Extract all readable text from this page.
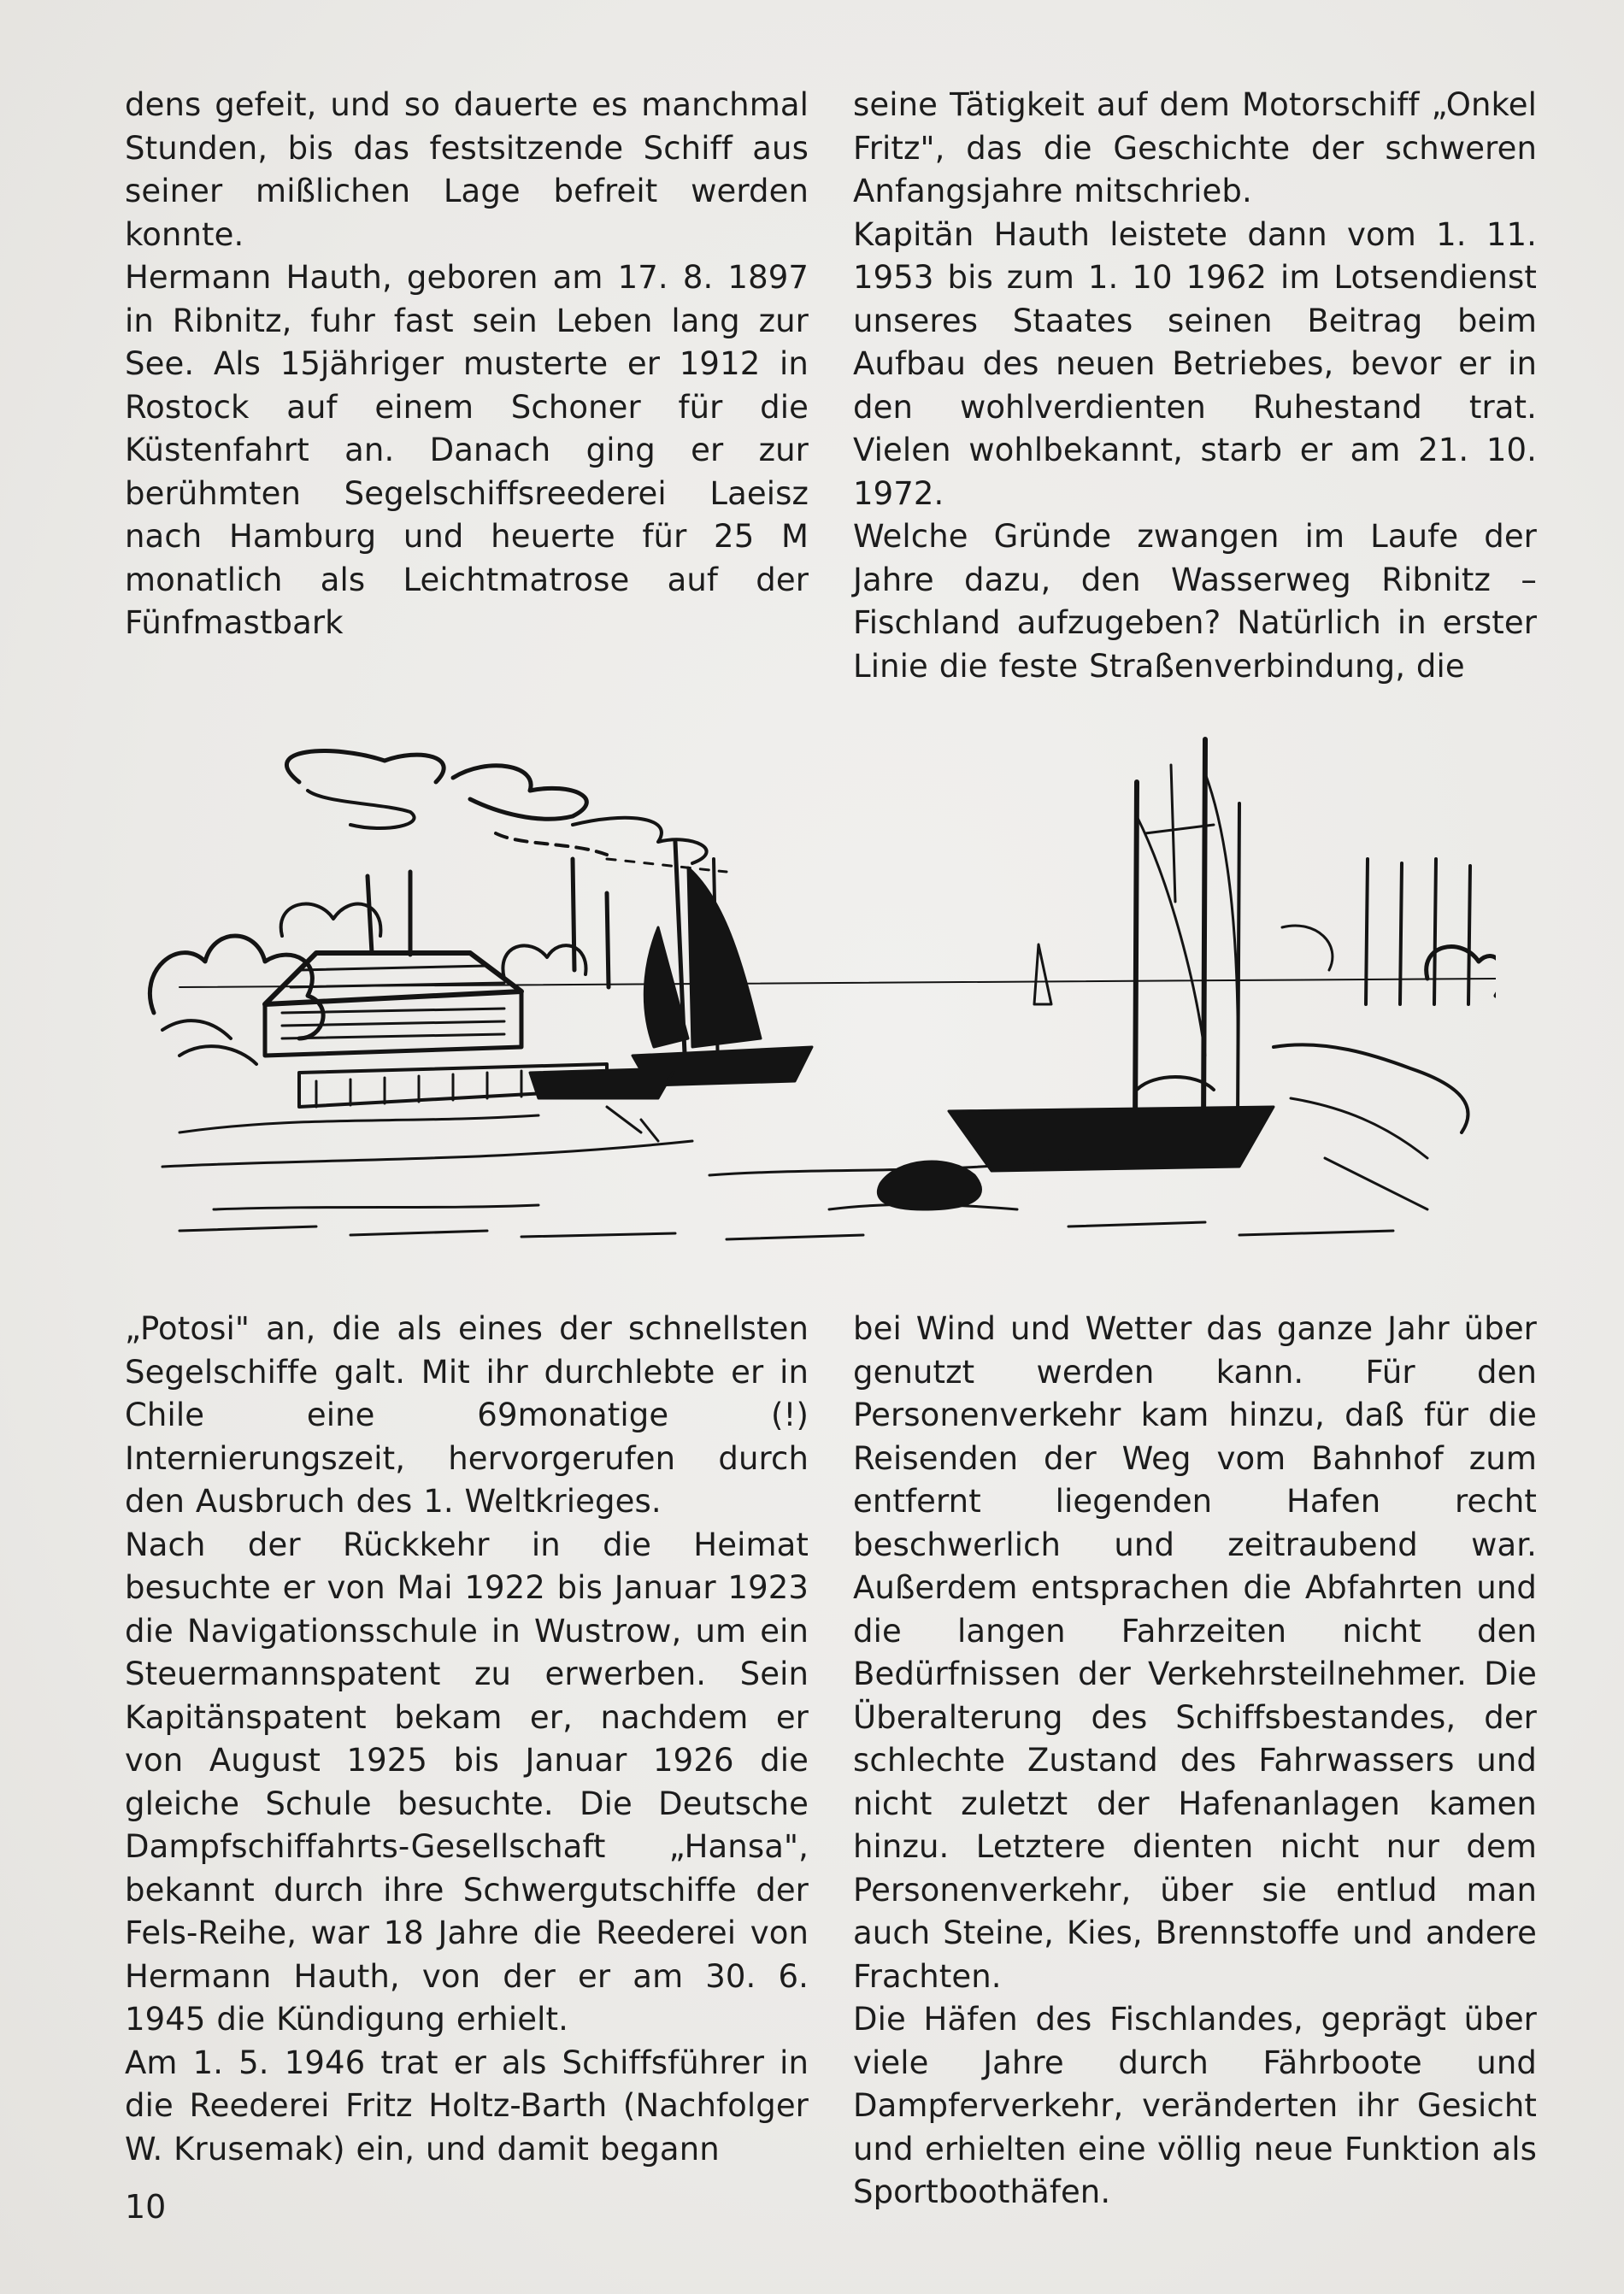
dens gefeit, und so dauerte es manchmal Stunden, bis das festsitzende Schiff aus seiner mißlichen Lage befreit werden konnte.

Hermann Hauth, geboren am 17. 8. 1897 in Ribnitz, fuhr fast sein Leben lang zur See. Als 15jähriger musterte er 1912 in Rostock auf einem Schoner für die Küstenfahrt an. Danach ging er zur berühmten Segelschiffsreederei Laeisz nach Hamburg und heuerte für 25 M monatlich als Leichtmatrose auf der Fünfmastbark

seine Tätigkeit auf dem Motorschiff „Onkel Fritz", das die Geschichte der schweren Anfangsjahre mitschrieb.

Kapitän Hauth leistete dann vom 1. 11. 1953 bis zum 1. 10 1962 im Lotsendienst unseres Staates seinen Beitrag beim Aufbau des neuen Betriebes, bevor er in den wohlverdienten Ruhestand trat. Vielen wohlbekannt, starb er am 21. 10. 1972.

Welche Gründe zwangen im Laufe der Jahre dazu, den Wasserweg Ribnitz – Fischland aufzugeben? Natürlich in erster Linie die feste Straßenverbindung, die

„Potosi" an, die als eines der schnellsten Segelschiffe galt. Mit ihr durchlebte er in Chile eine 69monatige (!) Internierungszeit, hervorgerufen durch den Ausbruch des 1. Weltkrieges.

Nach der Rückkehr in die Heimat besuchte er von Mai 1922 bis Januar 1923 die Navigationsschule in Wustrow, um ein Steuermannspatent zu erwerben. Sein Kapitänspatent bekam er, nachdem er von August 1925 bis Januar 1926 die gleiche Schule besuchte. Die Deutsche Dampfschiffahrts-Gesellschaft „Hansa", bekannt durch ihre Schwergutschiffe der Fels-Reihe, war 18 Jahre die Reederei von Hermann Hauth, von der er am 30. 6. 1945 die Kündigung erhielt.

Am 1. 5. 1946 trat er als Schiffsführer in die Reederei Fritz Holtz-Barth (Nachfolger W. Krusemak) ein, und damit begann

bei Wind und Wetter das ganze Jahr über genutzt werden kann. Für den Personenverkehr kam hinzu, daß für die Reisenden der Weg vom Bahnhof zum entfernt liegenden Hafen recht beschwerlich und zeitraubend war. Außerdem entsprachen die Abfahrten und die langen Fahrzeiten nicht den Bedürfnissen der Verkehrsteilnehmer. Die Überalterung des Schiffsbestandes, der schlechte Zustand des Fahrwassers und nicht zuletzt der Hafenanlagen kamen hinzu. Letztere dienten nicht nur dem Personenverkehr, über sie entlud man auch Steine, Kies, Brennstoffe und andere Frachten.

Die Häfen des Fischlandes, geprägt über viele Jahre durch Fährboote und Dampferverkehr, veränderten ihr Gesicht und erhielten eine völlig neue Funktion als Sportboothäfen.

10
